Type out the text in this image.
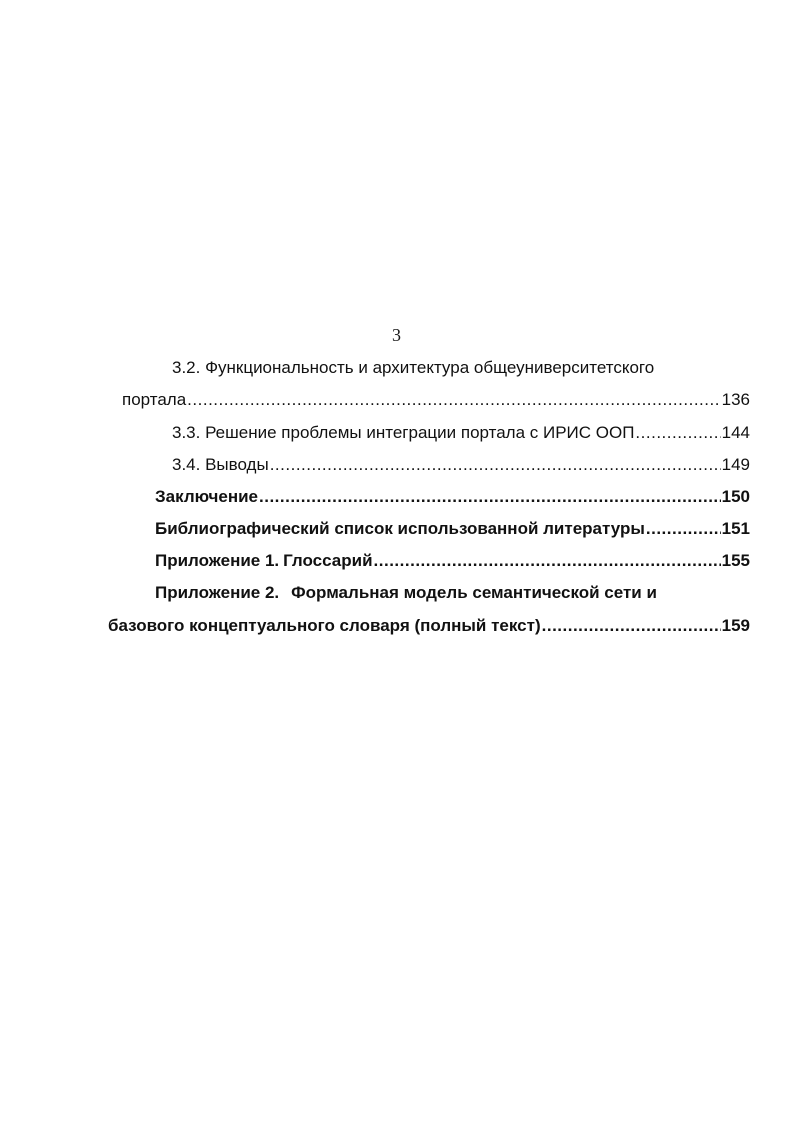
3
3.2. Функциональность и архитектура общеуниверситетского
портала .....	136
3.3. Решение проблемы интеграции портала с ИРИС ООП .....	144
3.4. Выводы .....	149
Заключение .....	150
Библиографический список использованной литературы .....	151
Приложение 1. Глоссарий .....	155
Приложение 2. Формальная модель семантической сети и
базового концептуального словаря (полный текст) .....	159
